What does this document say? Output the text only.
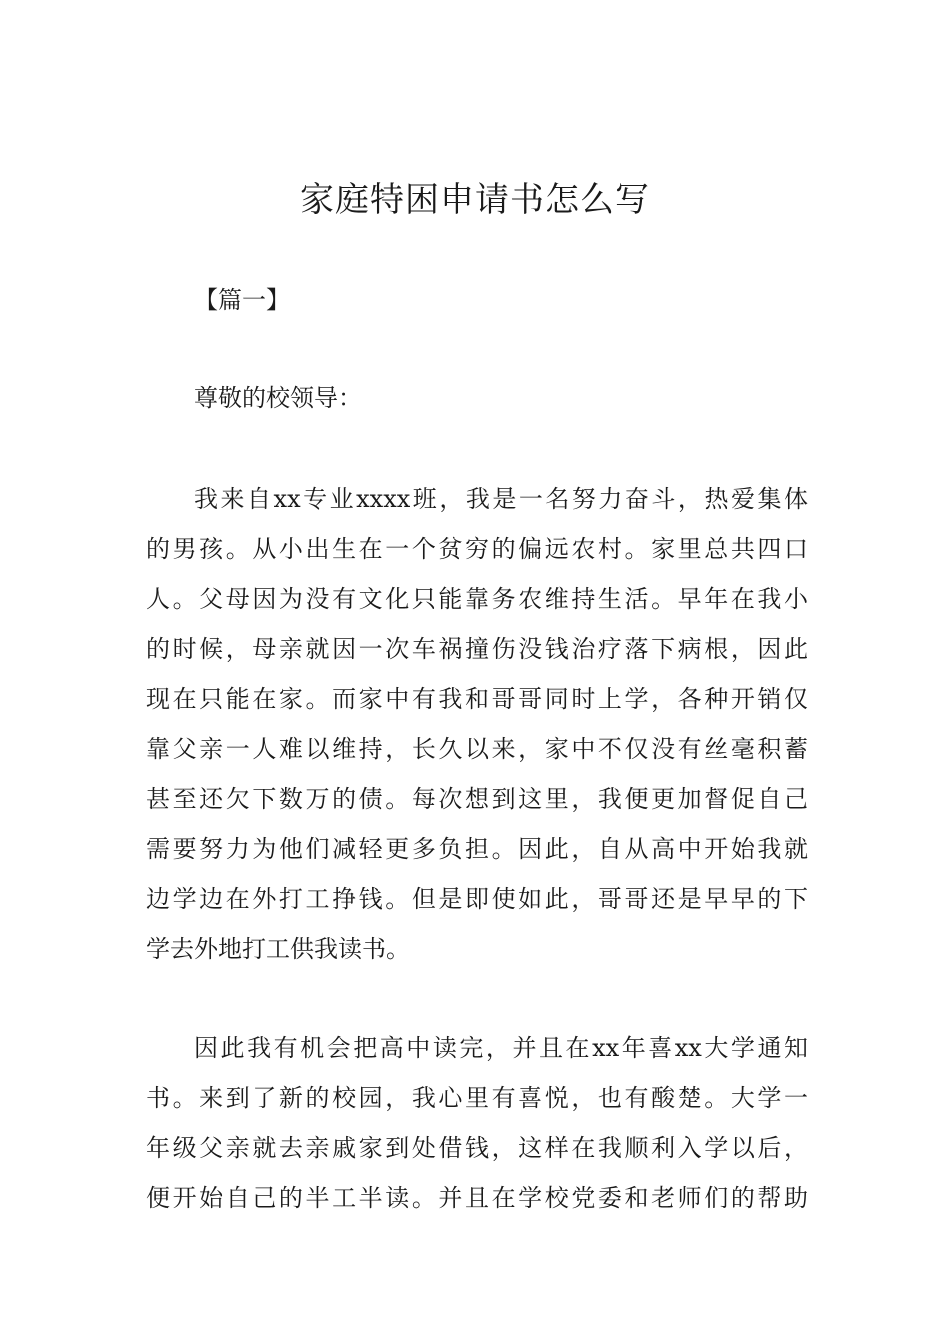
家庭特困申请书怎么写

【篇一】

尊敬的校领导：

我来自xx专业xxxx班，我是一名努力奋斗，热爱集体
的男孩。从小出生在一个贫穷的偏远农村。家里总共四口
人。父母因为没有文化只能靠务农维持生活。早年在我小
的时候，母亲就因一次车祸撞伤没钱治疗落下病根，因此
现在只能在家。而家中有我和哥哥同时上学，各种开销仅
靠父亲一人难以维持，长久以来，家中不仅没有丝毫积蓄
甚至还欠下数万的债。每次想到这里，我便更加督促自己
需要努力为他们减轻更多负担。因此，自从高中开始我就
边学边在外打工挣钱。但是即使如此，哥哥还是早早的下
学去外地打工供我读书。
因此我有机会把高中读完，并且在xx年喜xx大学通知
书。来到了新的校园，我心里有喜悦，也有酸楚。大学一
年级父亲就去亲戚家到处借钱，这样在我顺利入学以后，
便开始自己的半工半读。并且在学校党委和老师们的帮助
